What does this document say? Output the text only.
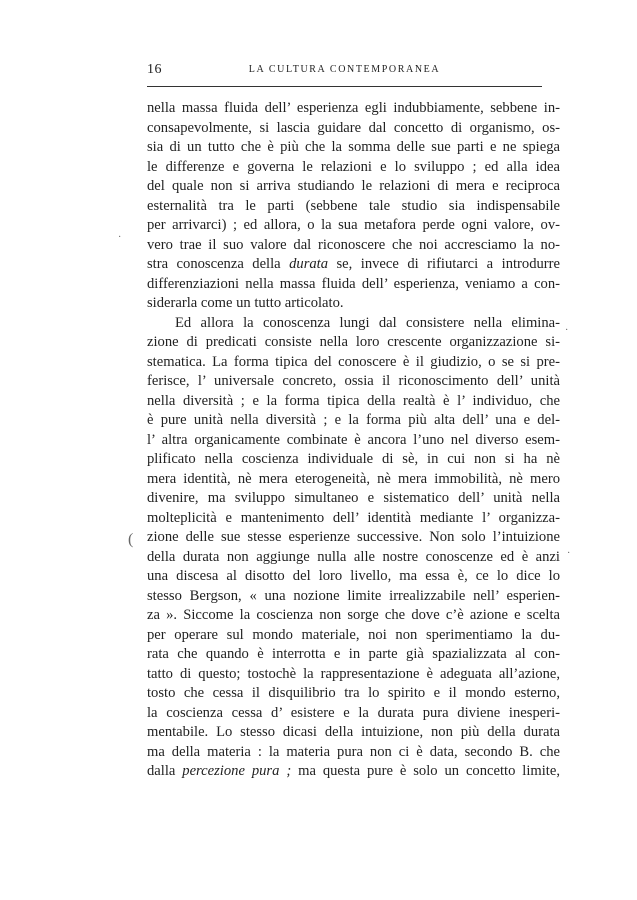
16	LA CULTURA CONTEMPORANEA
nella massa fluida dell’ esperienza egli indubbiamente, sebbene in-
consapevolmente, si lascia guidare dal concetto di organismo, os-
sia di un tutto che è più che la somma delle sue parti e ne spiega
le differenze e governa le relazioni e lo sviluppo ; ed alla idea
del quale non si arriva studiando le relazioni di mera e reciproca
esternalità tra le parti (sebbene tale studio sia indispensabile
per arrivarci) ; ed allora, o la sua metafora perde ogni valore, ov-
vero trae il suo valore dal riconoscere che noi accresciamo la no-
stra conoscenza della durata se, invece di rifiutarci a introdurre
differenziazioni nella massa fluida dell’ esperienza, veniamo a con-
siderarla come un tutto articolato.
Ed allora la conoscenza lungi dal consistere nella elimina-
zione di predicati consiste nella loro crescente organizzazione si-
stematica. La forma tipica del conoscere è il giudizio, o se si pre-
ferisce, l’ universale concreto, ossia il riconoscimento dell’ unità
nella diversità ; e la forma tipica della realtà è l’ individuo, che
è pure unità nella diversità ; e la forma più alta dell’ una e del-
l’ altra organicamente combinate è ancora l’uno nel diverso esem-
plificato nella coscienza individuale di sè, in cui non si ha nè
mera identità, nè mera eterogeneità, nè mera immobilità, nè mero
divenire, ma sviluppo simultaneo e sistematico dell’ unità nella
molteplicità e mantenimento dell’ identità mediante l’ organizza-
zione delle sue stesse esperienze successive. Non solo l’intuizione
della durata non aggiunge nulla alle nostre conoscenze ed è anzi
una discesa al disotto del loro livello, ma essa è, ce lo dice lo
stesso Bergson, « una nozione limite irrealizzabile nell’ esperien-
za ». Siccome la coscienza non sorge che dove c’è azione e scelta
per operare sul mondo materiale, noi non sperimentiamo la du-
rata che quando è interrotta e in parte già spazializzata al con-
tatto di questo; tostochè la rappresentazione è adeguata all’azione,
tosto che cessa il disquilibrio tra lo spirito e il mondo esterno,
la coscienza cessa d’ esistere e la durata pura diviene inesperi-
mentabile. Lo stesso dicasi della intuizione, non più della durata
ma della materia : la materia pura non ci è data, secondo B. che
dalla percezione pura ; ma questa pure è solo un concetto limite,
(
·
·
·
